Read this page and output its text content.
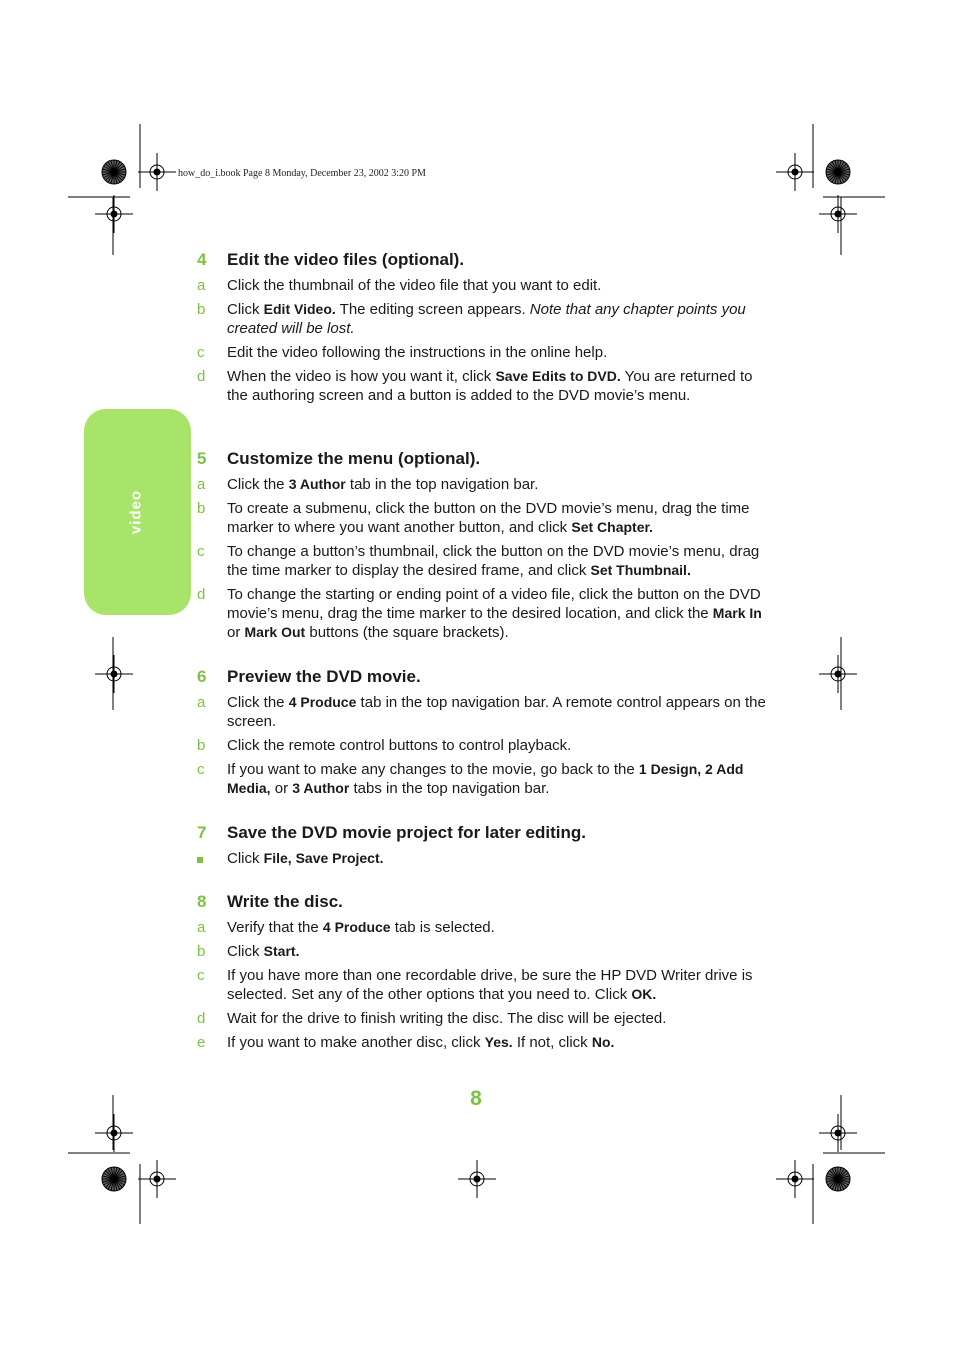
how_do_i.book Page 8 Monday, December 23, 2002 3:20 PM
video
4	Edit the video files (optional).
a	Click the thumbnail of the video file that you want to edit.
b	Click Edit Video. The editing screen appears. Note that any chapter points you created will be lost.
c	Edit the video following the instructions in the online help.
d	When the video is how you want it, click Save Edits to DVD. You are returned to the authoring screen and a button is added to the DVD movie’s menu.
5	Customize the menu (optional).
a	Click the 3 Author tab in the top navigation bar.
b	To create a submenu, click the button on the DVD movie’s menu, drag the time marker to where you want another button, and click Set Chapter.
c	To change a button’s thumbnail, click the button on the DVD movie’s menu, drag the time marker to display the desired frame, and click Set Thumbnail.
d	To change the starting or ending point of a video file, click the button on the DVD movie’s menu, drag the time marker to the desired location, and click the Mark In or Mark Out buttons (the square brackets).
6	Preview the DVD movie.
a	Click the 4 Produce tab in the top navigation bar. A remote control appears on the screen.
b	Click the remote control buttons to control playback.
c	If you want to make any changes to the movie, go back to the 1 Design, 2 Add Media, or 3 Author tabs in the top navigation bar.
7	Save the DVD movie project for later editing.
Click File, Save Project.
8	Write the disc.
a	Verify that the 4 Produce tab is selected.
b	Click Start.
c	If you have more than one recordable drive, be sure the HP DVD Writer drive is selected. Set any of the other options that you need to. Click OK.
d	Wait for the drive to finish writing the disc. The disc will be ejected.
e	If you want to make another disc, click Yes. If not, click No.
8
